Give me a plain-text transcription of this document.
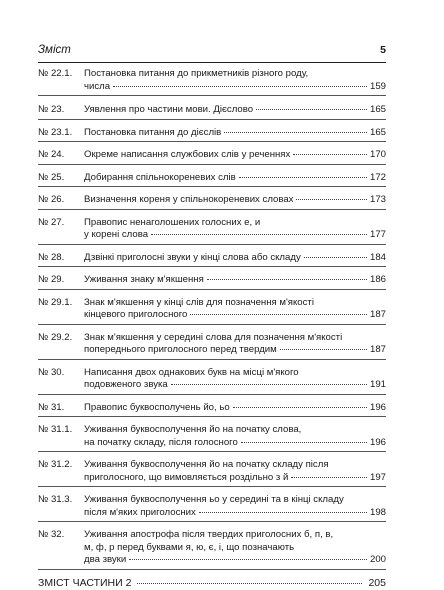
Зміст	5
№ 22.1. Постановка питання до прикметників різного роду,
числа	159
№ 23. Уявлення про частини мови. Дієслово	165
№ 23.1. Постановка питання до дієслів	165
№ 24. Окреме написання службових слів у реченнях	170
№ 25. Добирання спільнокореневих слів	172
№ 26. Визначення кореня у спільнокореневих словах	173
№ 27. Правопис ненаголошених голосних е, и
у корені слова	177
№ 28. Дзвінкі приголосні звуки у кінці слова або складу	184
№ 29. Уживання знаку м'якшення	186
№ 29.1. Знак м'якшення у кінці слів для позначення м'якості
кінцевого приголосного	187
№ 29.2. Знак м'якшення у середині слова для позначення м'якості
попереднього приголосного перед твердим	187
№ 30. Написання двох однакових букв на місці м'якого
подовженого звука	191
№ 31. Правопис буквосполучень йо, ьо	196
№ 31.1. Уживання буквосполучення йо на початку слова,
на початку складу, після голосного	196
№ 31.2. Уживання буквосполучення йо на початку складу після
приголосного, що вимовляється роздільно з й	197
№ 31.3. Уживання буквосполучення ьо у середині та в кінці складу
після м'яких приголосних	198
№ 32. Уживання апострофа після твердих приголосних б, п, в,
м, ф, р перед буквами я, ю, є, і, що позначають
два звуки	200
ЗМІСТ ЧАСТИНИ 2	205
